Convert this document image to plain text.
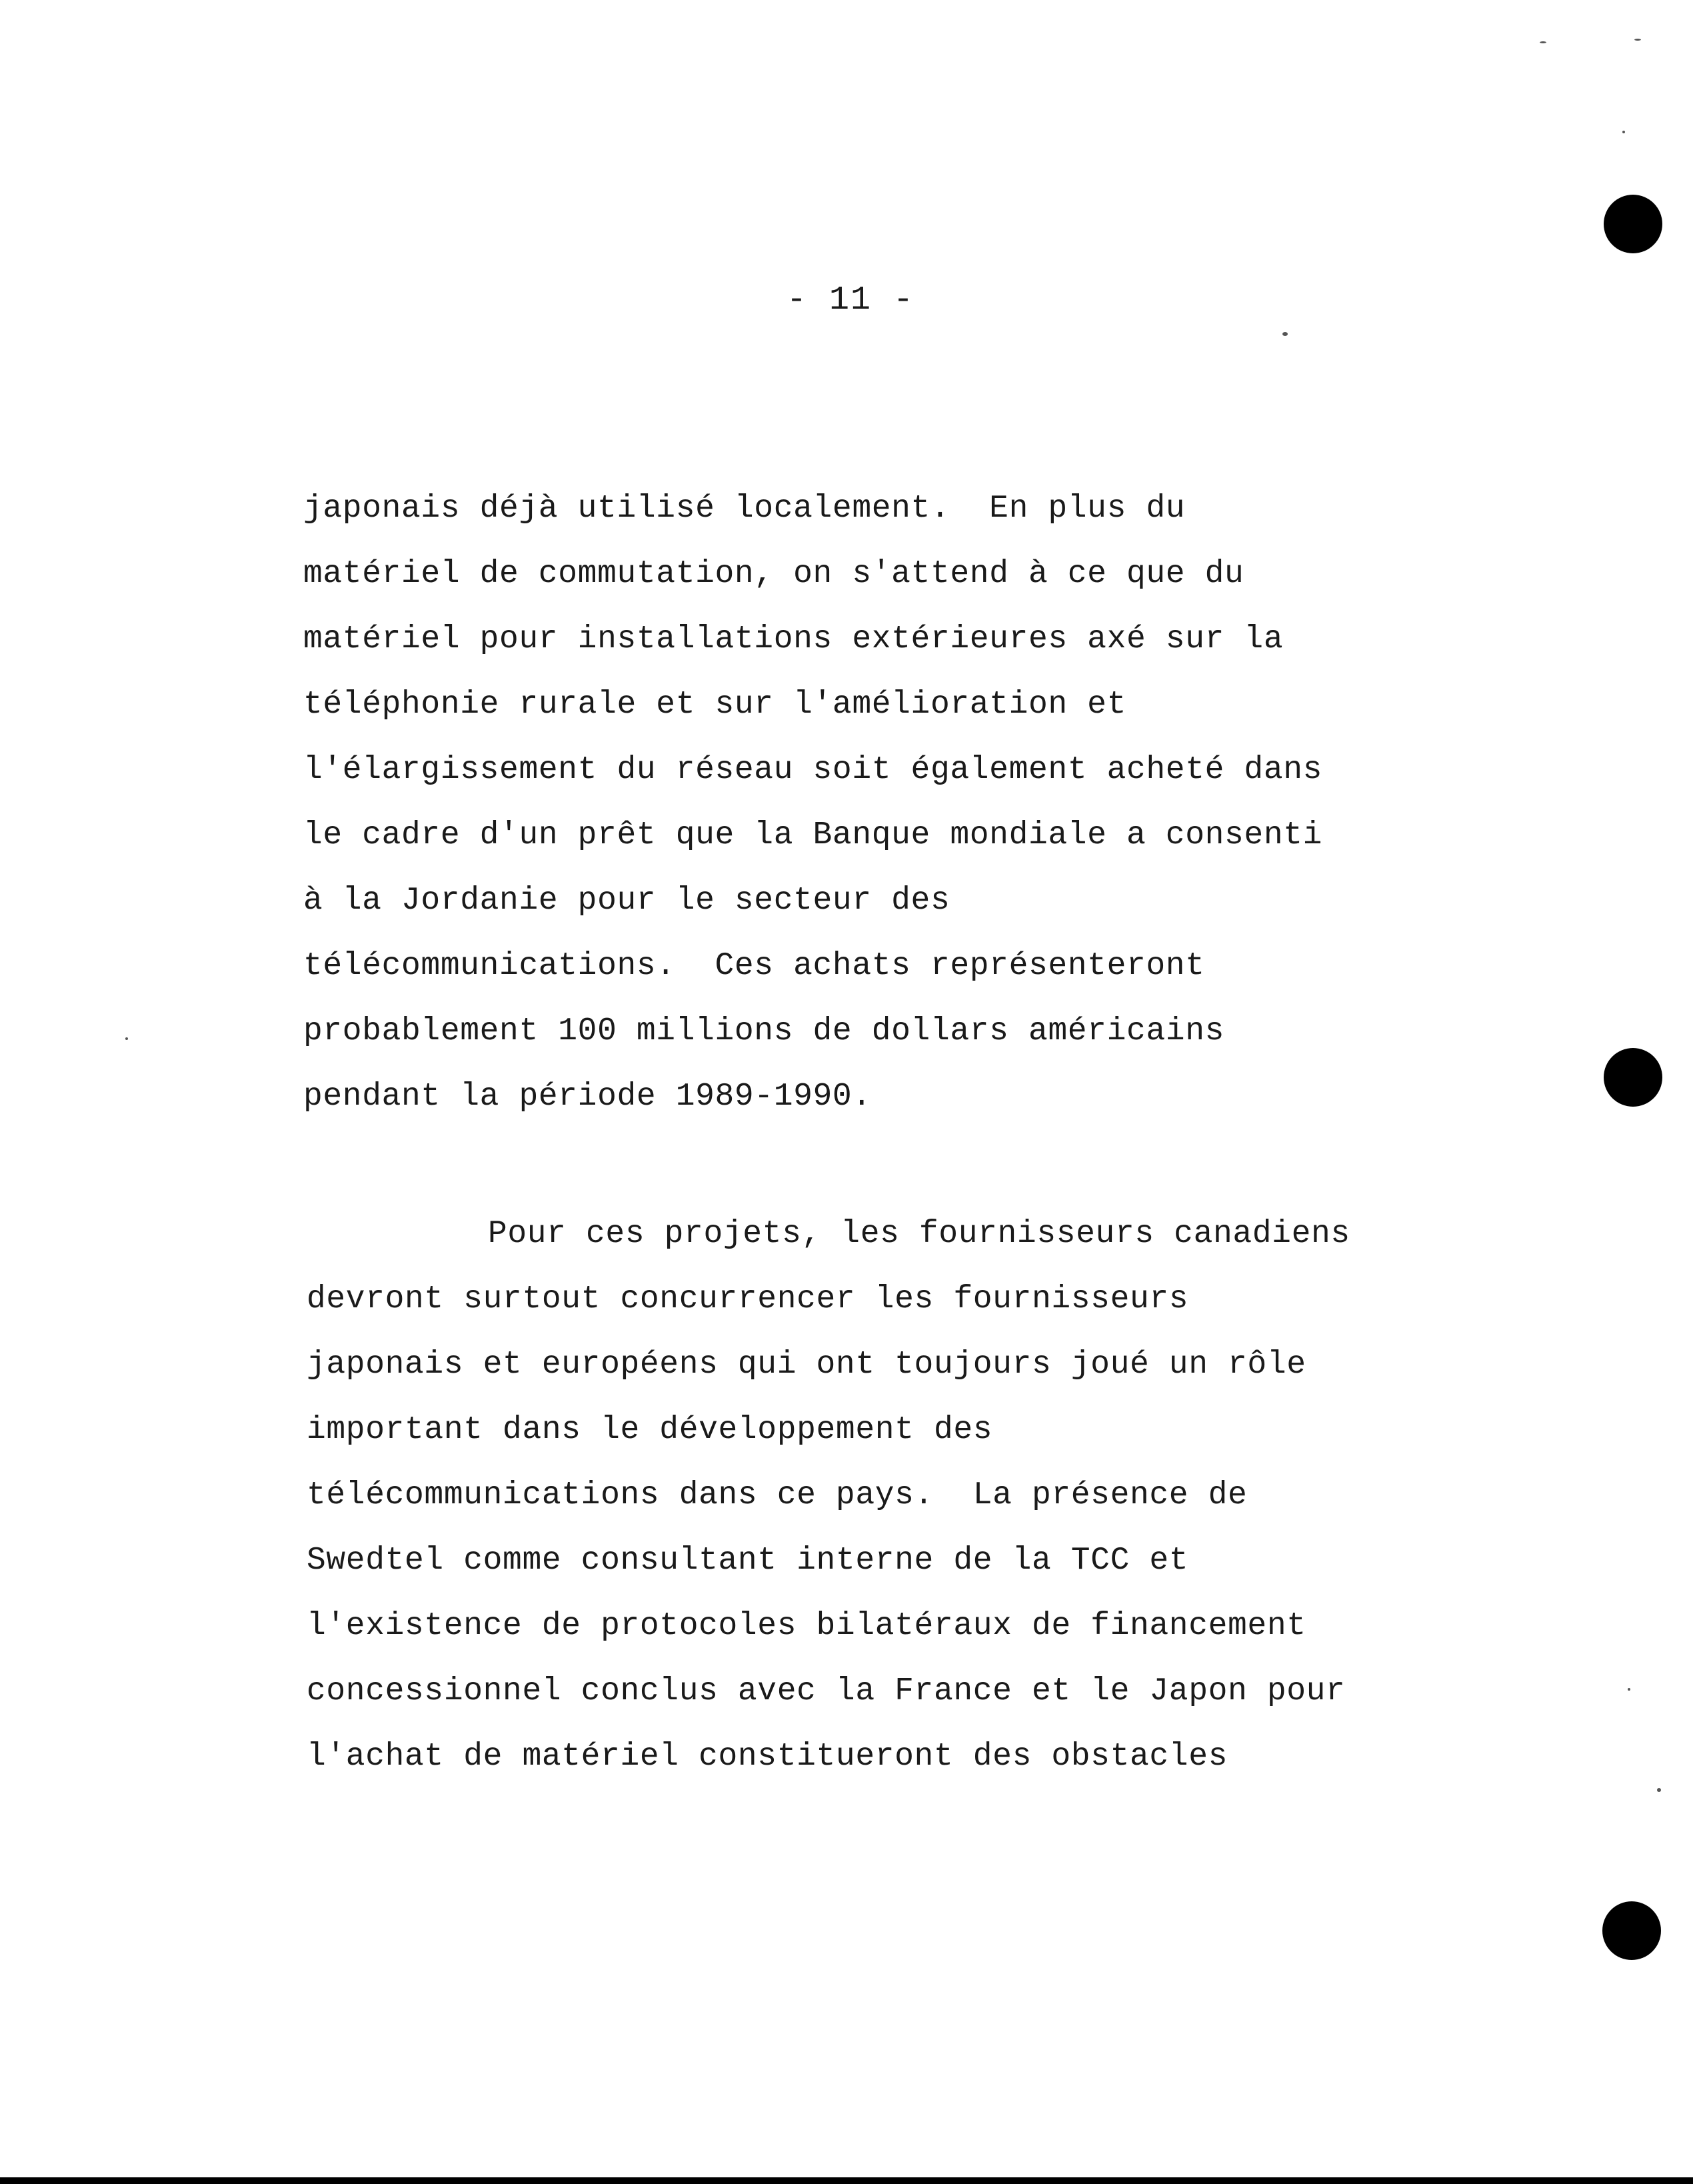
- 11 -
japonais déjà utilisé localement.  En plus du
matériel de commutation, on s'attend à ce que du
matériel pour installations extérieures axé sur la
téléphonie rurale et sur l'amélioration et
l'élargissement du réseau soit également acheté dans
le cadre d'un prêt que la Banque mondiale a consenti
à la Jordanie pour le secteur des
télécommunications.  Ces achats représenteront
probablement 100 millions de dollars américains
pendant la période 1989-1990.
Pour ces projets, les fournisseurs canadiens
devront surtout concurrencer les fournisseurs
japonais et européens qui ont toujours joué un rôle
important dans le développement des
télécommunications dans ce pays.  La présence de
Swedtel comme consultant interne de la TCC et
l'existence de protocoles bilatéraux de financement
concessionnel conclus avec la France et le Japon pour
l'achat de matériel constitueront des obstacles
